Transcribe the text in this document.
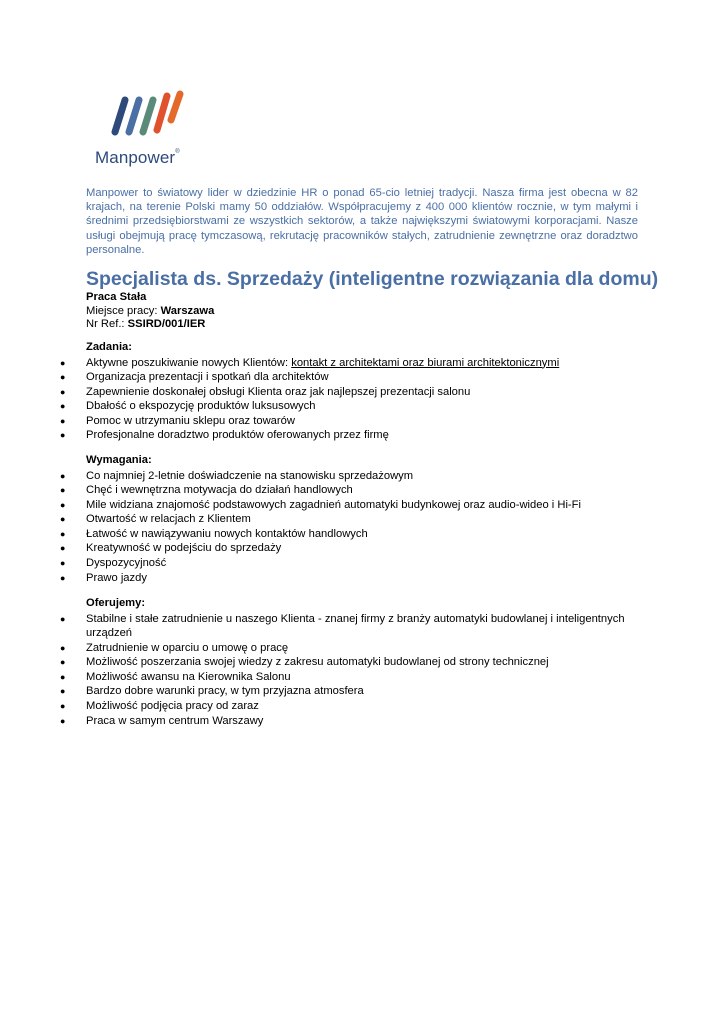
Manpower®

Manpower to światowy lider w dziedzinie HR o ponad 65-cio letniej tradycji. Nasza firma jest obecna w 82 krajach, na terenie Polski mamy 50 oddziałów. Współpracujemy z 400 000 klientów rocznie, w tym małymi i średnimi przedsiębiorstwami ze wszystkich sektorów, a także największymi światowymi korporacjami. Nasze usługi obejmują pracę tymczasową, rekrutację pracowników stałych, zatrudnienie zewnętrzne oraz doradztwo personalne.

Specjalista ds. Sprzedaży (inteligentne rozwiązania dla domu)
Praca Stała
Miejsce pracy: Warszawa
Nr Ref.: SSIRD/001/IER
Zadania:
● Aktywne poszukiwanie nowych Klientów: kontakt z architektami oraz biurami architektonicznymi
● Organizacja prezentacji i spotkań dla architektów
● Zapewnienie doskonałej obsługi Klienta oraz jak najlepszej prezentacji salonu
● Dbałość o ekspozycję produktów luksusowych
● Pomoc w utrzymaniu sklepu oraz towarów
● Profesjonalne doradztwo produktów oferowanych przez firmę
Wymagania:
● Co najmniej 2-letnie doświadczenie na stanowisku sprzedażowym
● Chęć i wewnętrzna motywacja do działań handlowych
● Mile widziana znajomość podstawowych zagadnień automatyki budynkowej oraz audio-wideo i Hi-Fi
● Otwartość w relacjach z Klientem
● Łatwość w nawiązywaniu nowych kontaktów handlowych
● Kreatywność w podejściu do sprzedaży
● Dyspozycyjność
● Prawo jazdy
Oferujemy:
● Stabilne i stałe zatrudnienie u naszego Klienta - znanej firmy z branży automatyki budowlanej i inteligentnych urządzeń
● Zatrudnienie w oparciu o umowę o pracę
● Możliwość poszerzania swojej wiedzy z zakresu automatyki budowlanej od strony technicznej
● Możliwość awansu na Kierownika Salonu
● Bardzo dobre warunki pracy, w tym przyjazna atmosfera
● Możliwość podjęcia pracy od zaraz
● Praca w samym centrum Warszawy
